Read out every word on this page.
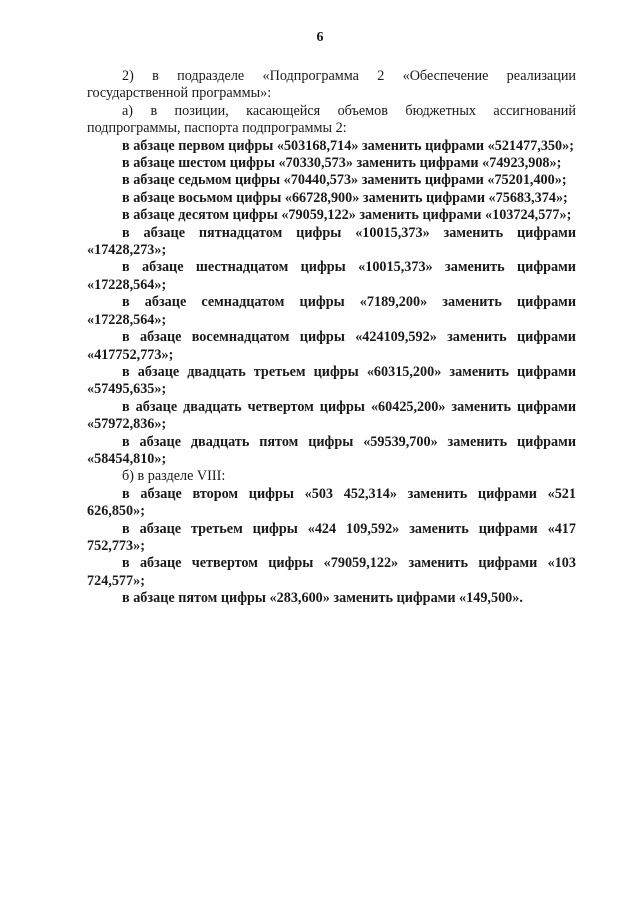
6

2) в подразделе «Подпрограмма 2 «Обеспечение реализации государственной программы»:

а) в позиции, касающейся объемов бюджетных ассигнований подпрограммы, паспорта подпрограммы 2:

в абзаце первом цифры «503168,714» заменить цифрами «521477,350»;

в абзаце шестом цифры «70330,573» заменить цифрами «74923,908»;

в абзаце седьмом цифры «70440,573» заменить цифрами «75201,400»;

в абзаце восьмом цифры «66728,900» заменить цифрами «75683,374»;

в абзаце десятом цифры «79059,122» заменить цифрами «103724,577»;

в абзаце пятнадцатом цифры «10015,373» заменить цифрами «17428,273»;

в абзаце шестнадцатом цифры «10015,373» заменить цифрами «17228,564»;

в абзаце семнадцатом цифры «7189,200» заменить цифрами «17228,564»;

в абзаце восемнадцатом цифры «424109,592» заменить цифрами «417752,773»;

в абзаце двадцать третьем цифры «60315,200» заменить цифрами «57495,635»;

в абзаце двадцать четвертом цифры «60425,200» заменить цифрами «57972,836»;

в абзаце двадцать пятом цифры «59539,700» заменить цифрами «58454,810»;

б) в разделе VIII:

в абзаце втором цифры «503 452,314» заменить цифрами «521 626,850»;

в абзаце третьем цифры «424 109,592» заменить цифрами «417 752,773»;

в абзаце четвертом цифры «79059,122» заменить цифрами «103 724,577»;

в абзаце пятом цифры «283,600» заменить цифрами «149,500».
